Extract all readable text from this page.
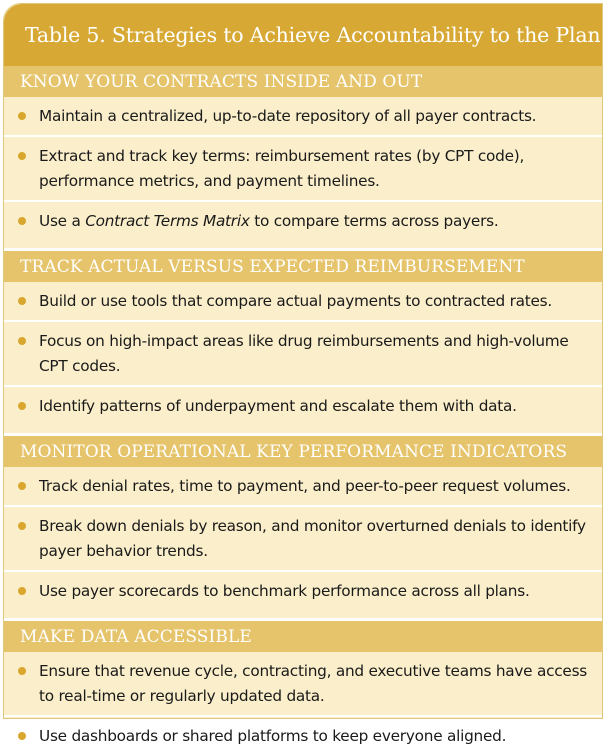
Table 5. Strategies to Achieve Accountability to the Plan
KNOW YOUR CONTRACTS INSIDE AND OUT
Maintain a centralized, up-to-date repository of all payer contracts.
Extract and track key terms: reimbursement rates (by CPT code), performance metrics, and payment timelines.
Use a Contract Terms Matrix to compare terms across payers.
TRACK ACTUAL VERSUS EXPECTED REIMBURSEMENT
Build or use tools that compare actual payments to contracted rates.
Focus on high-impact areas like drug reimbursements and high-volume CPT codes.
Identify patterns of underpayment and escalate them with data.
MONITOR OPERATIONAL KEY PERFORMANCE INDICATORS
Track denial rates, time to payment, and peer-to-peer request volumes.
Break down denials by reason, and monitor overturned denials to identify payer behavior trends.
Use payer scorecards to benchmark performance across all plans.
MAKE DATA ACCESSIBLE
Ensure that revenue cycle, contracting, and executive teams have access to real-time or regularly updated data.
Use dashboards or shared platforms to keep everyone aligned.
